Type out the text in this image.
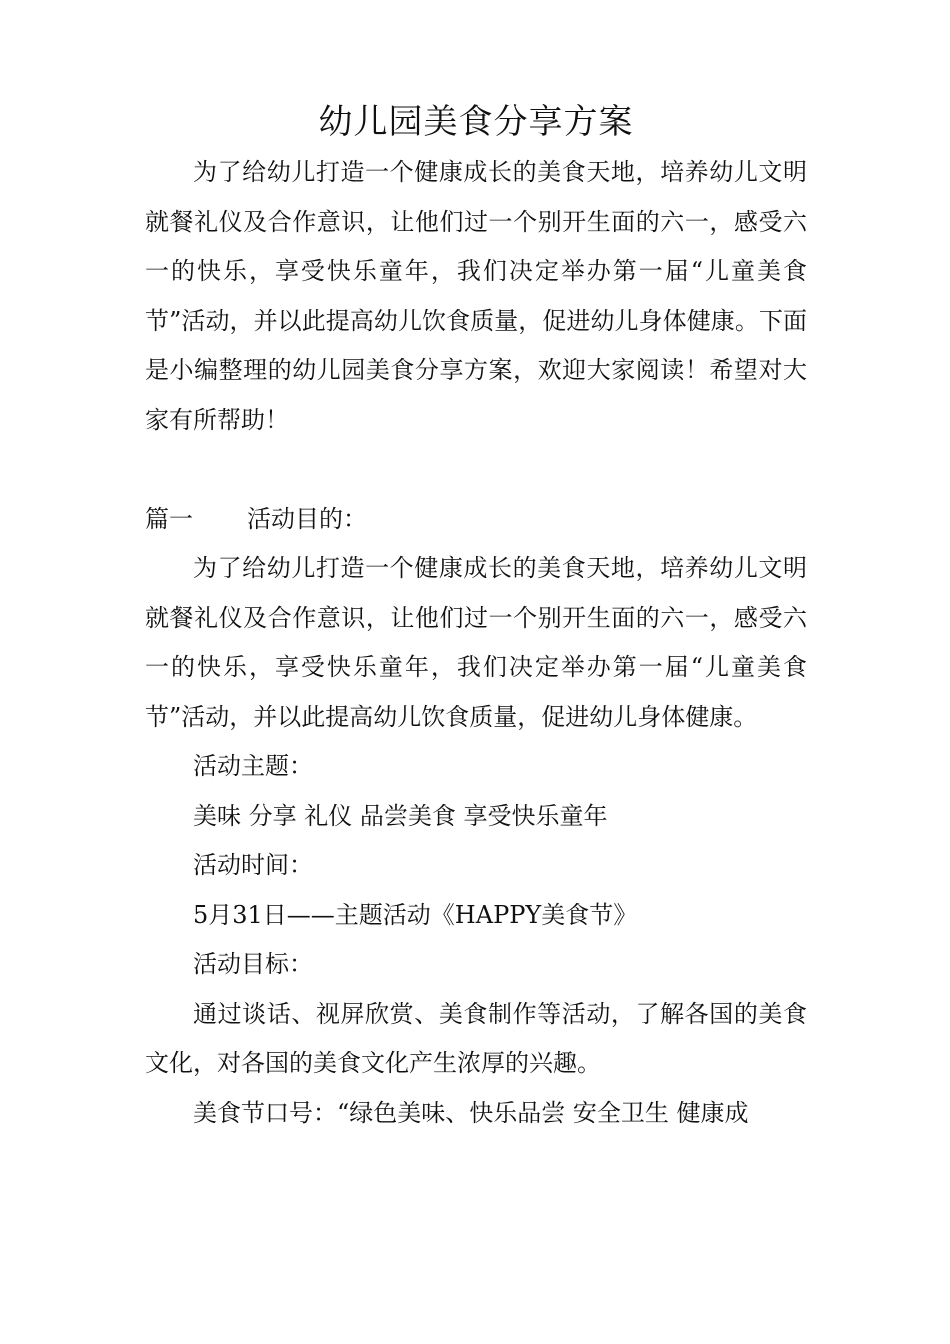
幼儿园美食分享方案

为了给幼儿打造一个健康成长的美食天地，培养幼儿文明就餐礼仪及合作意识，让他们过一个别开生面的六一，感受六一的快乐，享受快乐童年，我们决定举办第一届“儿童美食节”活动，并以此提高幼儿饮食质量，促进幼儿身体健康。下面是小编整理的幼儿园美食分享方案，欢迎大家阅读！希望对大家有所帮助！

篇一 活动目的：

为了给幼儿打造一个健康成长的美食天地，培养幼儿文明就餐礼仪及合作意识，让他们过一个别开生面的六一，感受六一的快乐，享受快乐童年，我们决定举办第一届“儿童美食节”活动，并以此提高幼儿饮食质量，促进幼儿身体健康。

活动主题：

美味 分享 礼仪 品尝美食 享受快乐童年

活动时间：

5月31日——主题活动《HAPPY美食节》

活动目标：

通过谈话、视屏欣赏、美食制作等活动，了解各国的美食文化，对各国的美食文化产生浓厚的兴趣。

美食节口号：“绿色美味、快乐品尝 安全卫生 健康成
